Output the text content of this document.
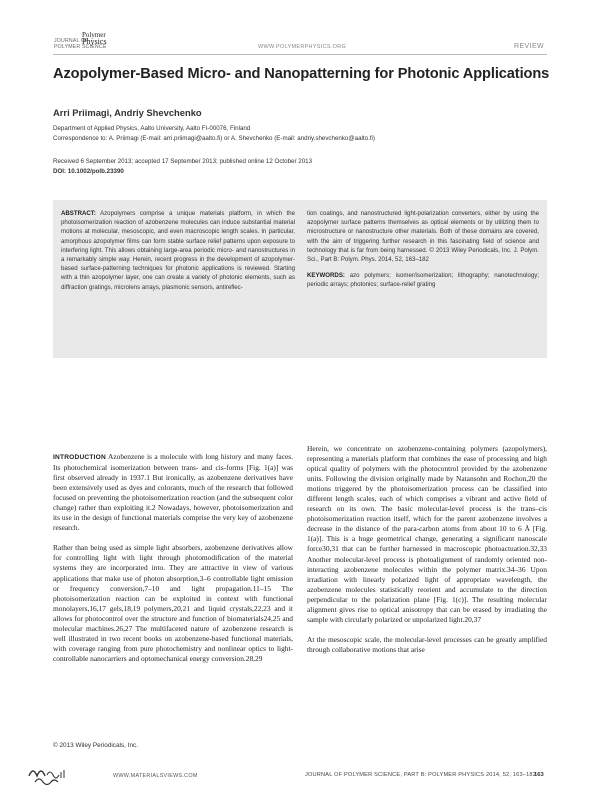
JOURNAL OF
POLYMER SCIENCE
Polymer
Physics
WWW.POLYMERPHYSICS.ORG	REVIEW
Azopolymer-Based Micro- and Nanopatterning for Photonic Applications
Arri Priimagi, Andriy Shevchenko
Department of Applied Physics, Aalto University, Aalto FI-00076, Finland
Correspondence to: A. Priimagi (E-mail: arri.priimagi@aalto.fi) or A. Shevchenko (E-mail: andriy.shevchenko@aalto.fi)
Received 6 September 2013; accepted 17 September 2013; published online 12 October 2013
DOI: 10.1002/polb.23390
ABSTRACT: Azopolymers comprise a unique materials platform, in which the photoisomerization reaction of azobenzene molecules can induce substantial material motions at molecular, mesoscopic, and even macroscopic length scales. In particular, amorphous azopolymer films can form stable surface relief patterns upon exposure to interfering light. This allows obtaining large-area periodic micro- and nanostructures in a remarkably simple way. Herein, recent progress in the development of azopolymer-based surface-patterning techniques for photonic applications is reviewed. Starting with a thin azopolymer layer, one can create a variety of photonic elements, such as diffraction gratings, microlens arrays, plasmonic sensors, antireflec-
tion coatings, and nanostructured light-polarization converters, either by using the azopolymer surface patterns themselves as optical elements or by utilizing them to microstructure or nanostructure other materials. Both of these domains are covered, with the aim of triggering further research in this fascinating field of science and technology that is far from being harnessed. © 2013 Wiley Periodicals, Inc. J. Polym. Sci., Part B: Polym. Phys. 2014, 52, 163–182
KEYWORDS: azo polymers; isomer/isomerization; lithography; nanotechnology; periodic arrays; photonics; surface-relief grating

INTRODUCTION Azobenzene is a molecule with long history and many faces. Its photochemical isomerization between trans- and cis-forms [Fig. 1(a)] was first observed already in 1937.1 But ironically, as azobenzene derivatives have been extensively used as dyes and colorants, much of the research that followed focused on preventing the photoisomerization reaction (and the subsequent color change) rather than exploiting it.2 Nowadays, however, photoisomerization and its use in the design of functional materials comprise the very key of azobenzene research.

Rather than being used as simple light absorbers, azobenzene derivatives allow for controlling light with light through photomodification of the material systems they are incorporated into. They are attractive in view of various applications that make use of photon absorption,3–6 controllable light emission or frequency conversion,7–10 and light propagation.11–15 The photoisomerization reaction can be exploited in context with functional monolayers,16,17 gels,18,19 polymers,20,21 and liquid crystals,22,23 and it allows for photocontrol over the structure and function of biomaterials24,25 and molecular machines.26,27 The multifaceted nature of azobenzene research is well illustrated in two recent books on azobenzene-based functional materials, with coverage ranging from pure photochemistry and nonlinear optics to light-controllable nanocarriers and optomechanical energy conversion.28,29

Herein, we concentrate on azobenzene-containing polymers (azopolymers), representing a materials platform that combines the ease of processing and high optical quality of polymers with the photocontrol provided by the azobenzene units. Following the division originally made by Natansohn and Rochon,20 the motions triggered by the photoisomerization process can be classified into different length scales, each of which comprises a vibrant and active field of research on its own. The basic molecular-level process is the trans–cis photoisomerization reaction itself, which for the parent azobenzene involves a decrease in the distance of the para-carbon atoms from about 10 to 6 Å [Fig. 1(a)]. This is a huge geometrical change, generating a significant nanoscale force30,31 that can be further harnessed in macroscopic photoactuation.32,33 Another molecular-level process is photoalignment of randomly oriented non-interacting azobenzene molecules within the polymer matrix.34–36 Upon irradiation with linearly polarized light of appropriate wavelength, the azobenzene molecules statistically reorient and accumulate to the direction perpendicular to the polarization plane [Fig. 1(c)]. The resulting molecular alignment gives rise to optical anisotropy that can be erased by irradiating the sample with circularly polarized or unpolarized light.20,37

At the mesoscopic scale, the molecular-level processes can be greatly amplified through collaborative motions that arise

© 2013 Wiley Periodicals, Inc.
WWW.MATERIALSVIEWS.COM	JOURNAL OF POLYMER SCIENCE, PART B: POLYMER PHYSICS 2014, 52, 163–182
163
